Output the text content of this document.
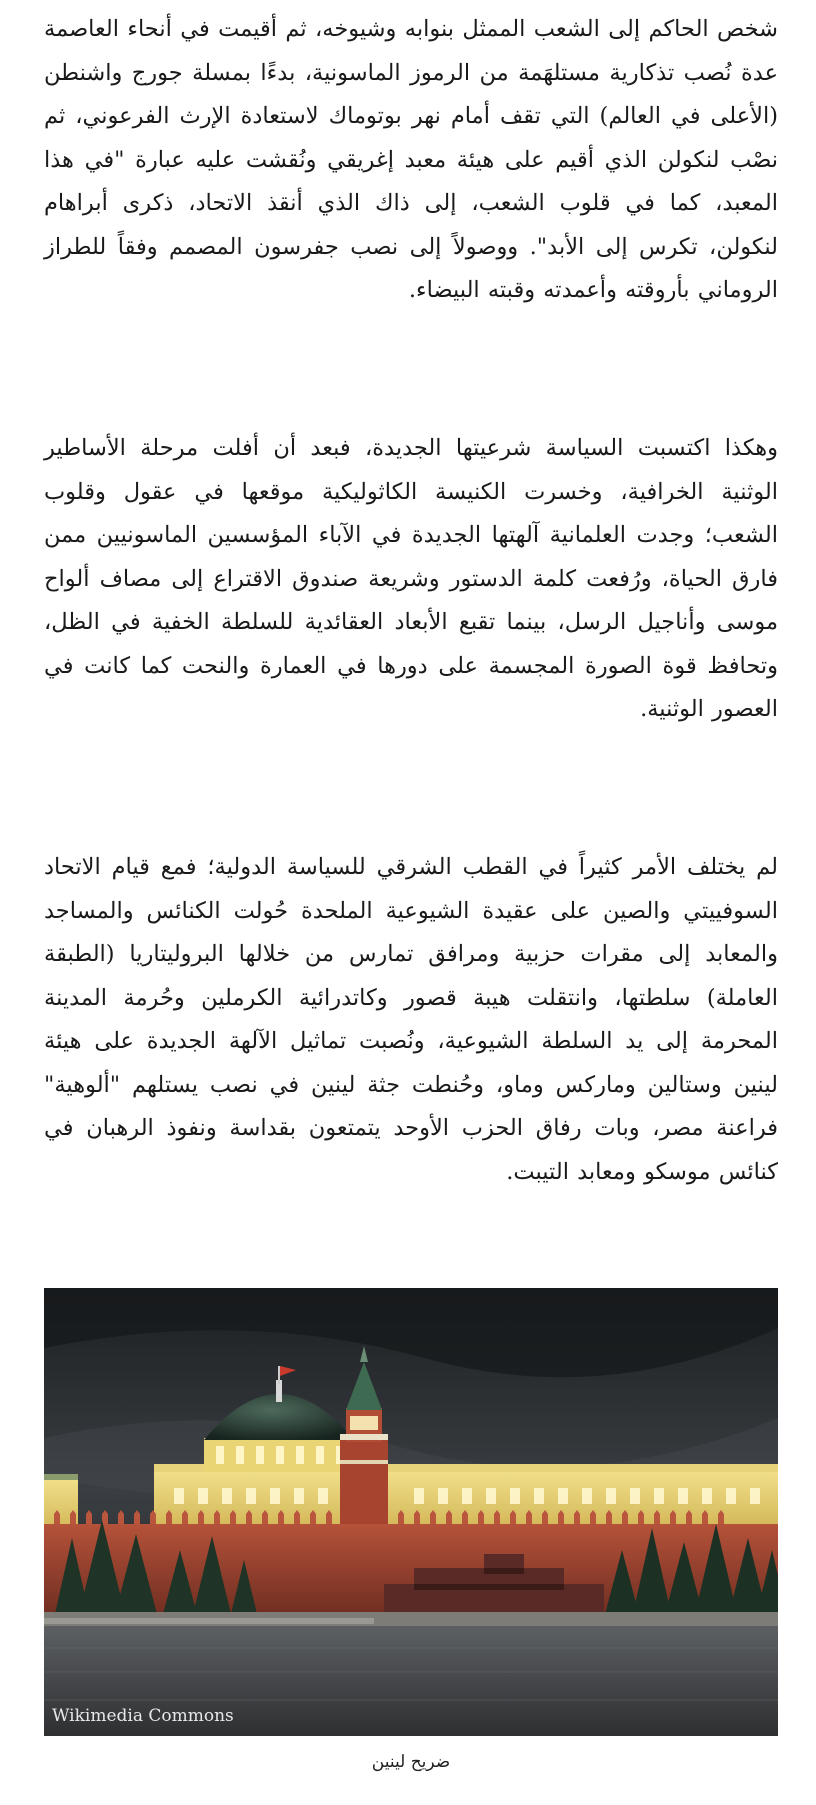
شخص الحاكم إلى الشعب الممثل بنوابه وشيوخه، ثم أقيمت في أنحاء العاصمة عدة نُصب تذكارية مستلهَمة من الرموز الماسونية، بدءًا بمسلة جورج واشنطن (الأعلى في العالم) التي تقف أمام نهر بوتوماك لاستعادة الإرث الفرعوني، ثم نصْب لنكولن الذي أقيم على هيئة معبد إغريقي ونُقشت عليه عبارة "في هذا المعبد، كما في قلوب الشعب، إلى ذاك الذي أنقذ الاتحاد، ذكرى أبراهام لنكولن، تكرس إلى الأبد". ووصولاً إلى نصب جفرسون المصمم وفقاً للطراز الروماني بأروقته وأعمدته وقبته البيضاء.

وهكذا اكتسبت السياسة شرعيتها الجديدة، فبعد أن أفلت مرحلة الأساطير الوثنية الخرافية، وخسرت الكنيسة الكاثوليكية موقعها في عقول وقلوب الشعب؛ وجدت العلمانية آلهتها الجديدة في الآباء المؤسسين الماسونيين ممن فارق الحياة، ورُفعت كلمة الدستور وشريعة صندوق الاقتراع إلى مصاف ألواح موسى وأناجيل الرسل، بينما تقبع الأبعاد العقائدية للسلطة الخفية في الظل، وتحافظ قوة الصورة المجسمة على دورها في العمارة والنحت كما كانت في العصور الوثنية.

لم يختلف الأمر كثيراً في القطب الشرقي للسياسة الدولية؛ فمع قيام الاتحاد السوفييتي والصين على عقيدة الشيوعية الملحدة حُولت الكنائس والمساجد والمعابد إلى مقرات حزبية ومرافق تمارس من خلالها البروليتاريا (الطبقة العاملة) سلطتها، وانتقلت هيبة قصور وكاتدرائية الكرملين وحُرمة المدينة المحرمة إلى يد السلطة الشيوعية، ونُصبت تماثيل الآلهة الجديدة على هيئة لينين وستالين وماركس وماو، وحُنطت جثة لينين في نصب يستلهم "ألوهية" فراعنة مصر، وبات رفاق الحزب الأوحد يتمتعون بقداسة ونفوذ الرهبان في كنائس موسكو ومعابد التيبت.

Wikimedia Commons
ضريح لينين
